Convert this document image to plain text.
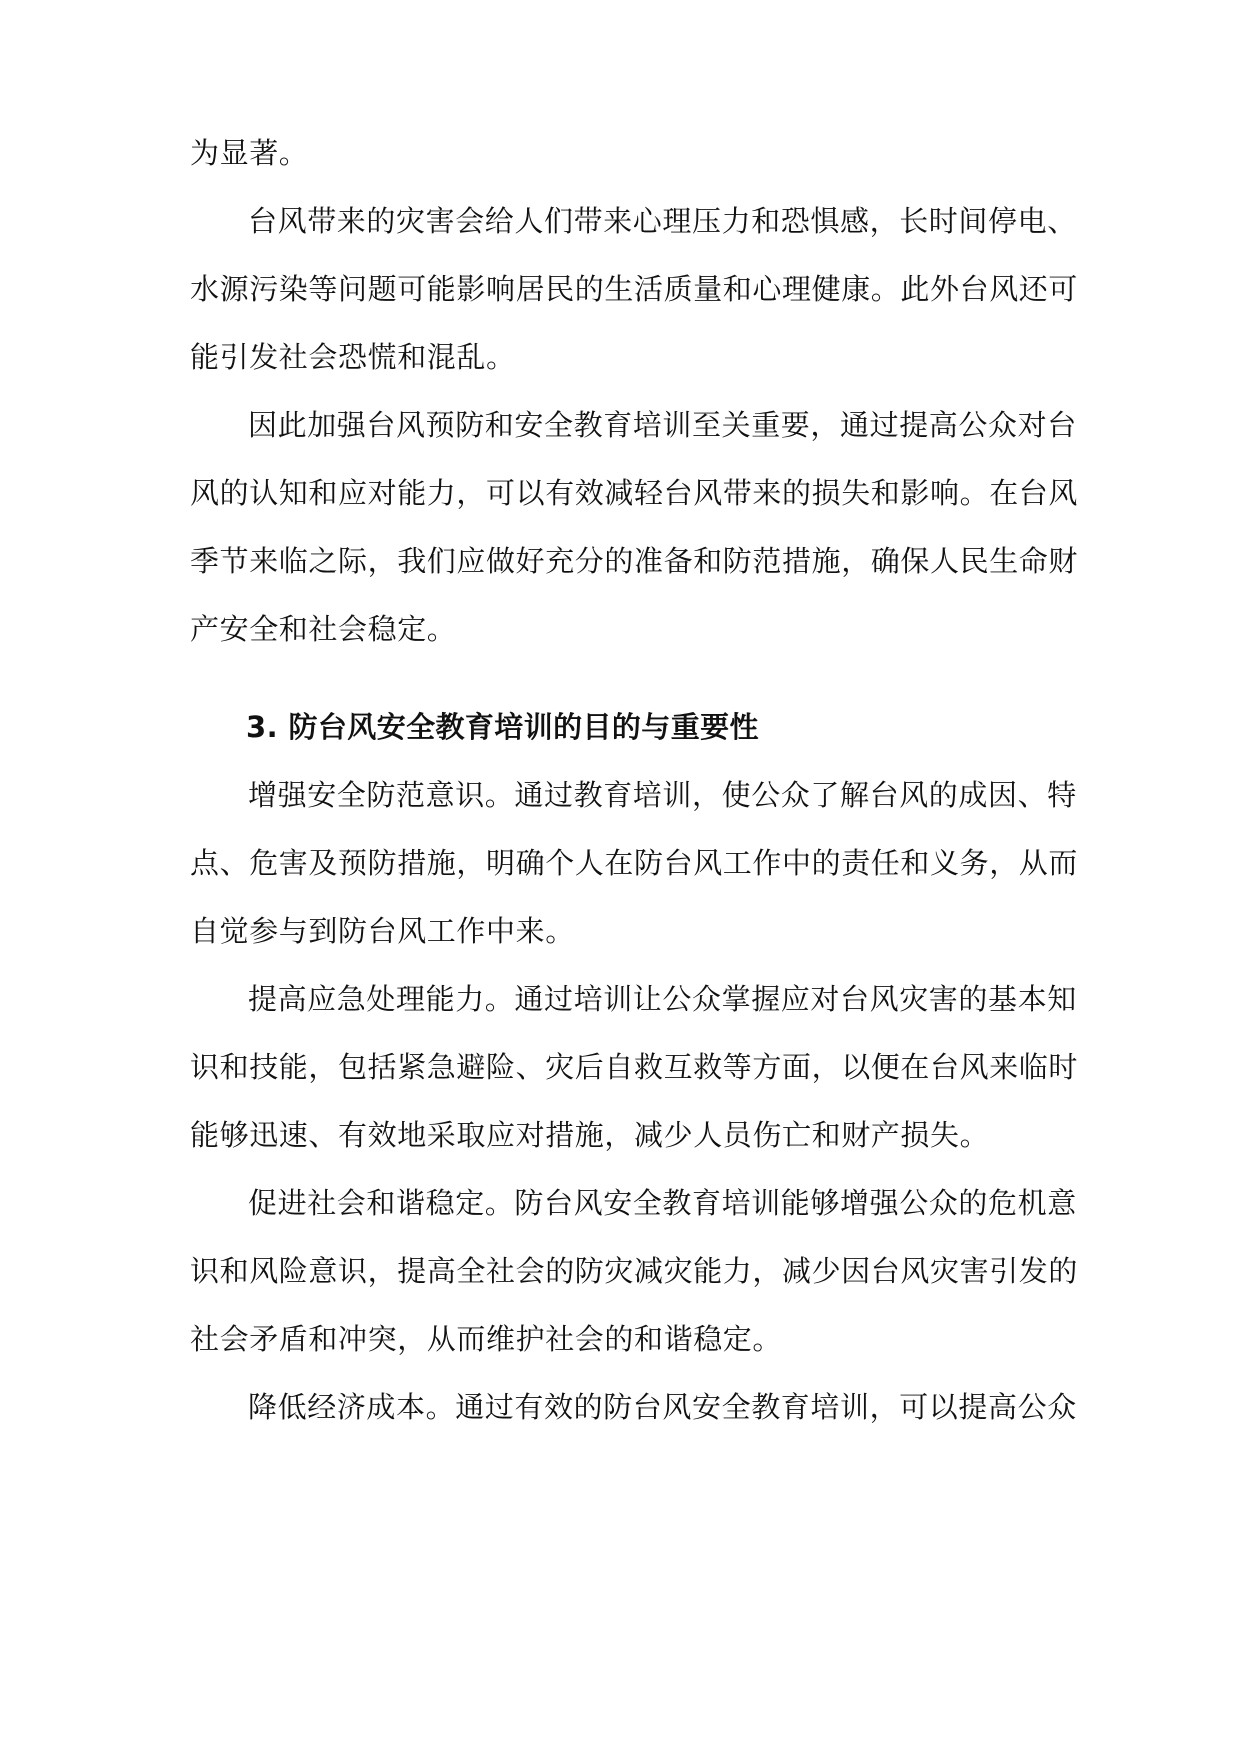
为显著。
台风带来的灾害会给人们带来心理压力和恐惧感，长时间停电、
水源污染等问题可能影响居民的生活质量和心理健康。此外台风还可
能引发社会恐慌和混乱。
因此加强台风预防和安全教育培训至关重要，通过提高公众对台
风的认知和应对能力，可以有效减轻台风带来的损失和影响。在台风
季节来临之际，我们应做好充分的准备和防范措施，确保人民生命财
产安全和社会稳定。
3. 防台风安全教育培训的目的与重要性
增强安全防范意识。通过教育培训，使公众了解台风的成因、特
点、危害及预防措施，明确个人在防台风工作中的责任和义务，从而
自觉参与到防台风工作中来。
提高应急处理能力。通过培训让公众掌握应对台风灾害的基本知
识和技能，包括紧急避险、灾后自救互救等方面，以便在台风来临时
能够迅速、有效地采取应对措施，减少人员伤亡和财产损失。
促进社会和谐稳定。防台风安全教育培训能够增强公众的危机意
识和风险意识，提高全社会的防灾减灾能力，减少因台风灾害引发的
社会矛盾和冲突，从而维护社会的和谐稳定。
降低经济成本。通过有效的防台风安全教育培训，可以提高公众
